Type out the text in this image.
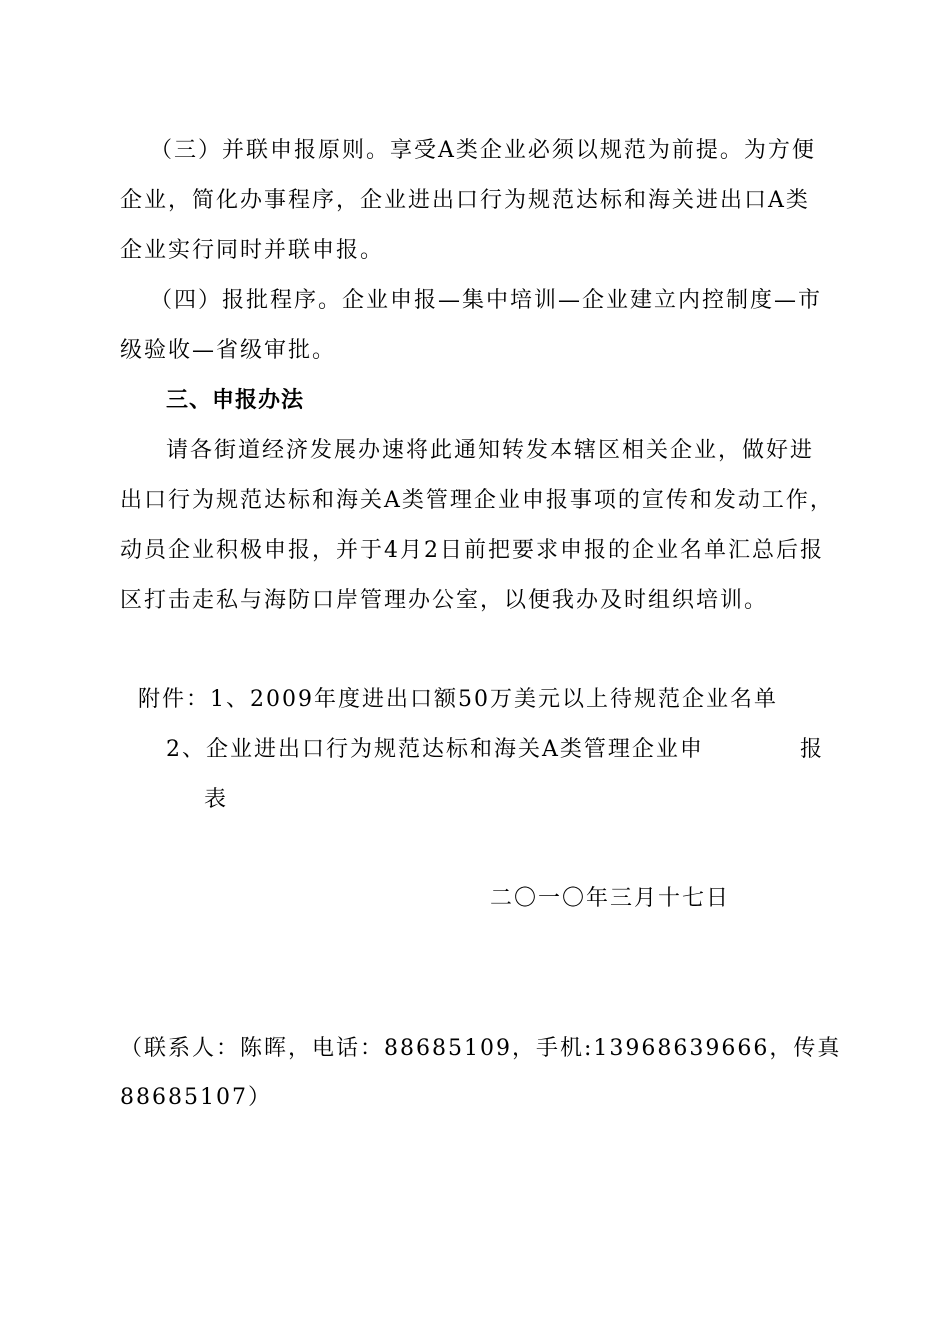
（三）并联申报原则。享受A类企业必须以规范为前提。为方便

企业，简化办事程序，企业进出口行为规范达标和海关进出口A类

企业实行同时并联申报。

（四）报批程序。企业申报—集中培训—企业建立内控制度—市

级验收—省级审批。

三、申报办法

请各街道经济发展办速将此通知转发本辖区相关企业，做好进

出口行为规范达标和海关A类管理企业申报事项的宣传和发动工作，

动员企业积极申报，并于4月2日前把要求申报的企业名单汇总后报

区打击走私与海防口岸管理办公室，以便我办及时组织培训。

附件：1、2009年度进出口额50万美元以上待规范企业名单

2、企业进出口行为规范达标和海关A类管理企业申	报

表

二〇一〇年三月十七日

（联系人：陈晖，电话：88685109，手机:13968639666，传真

88685107）
